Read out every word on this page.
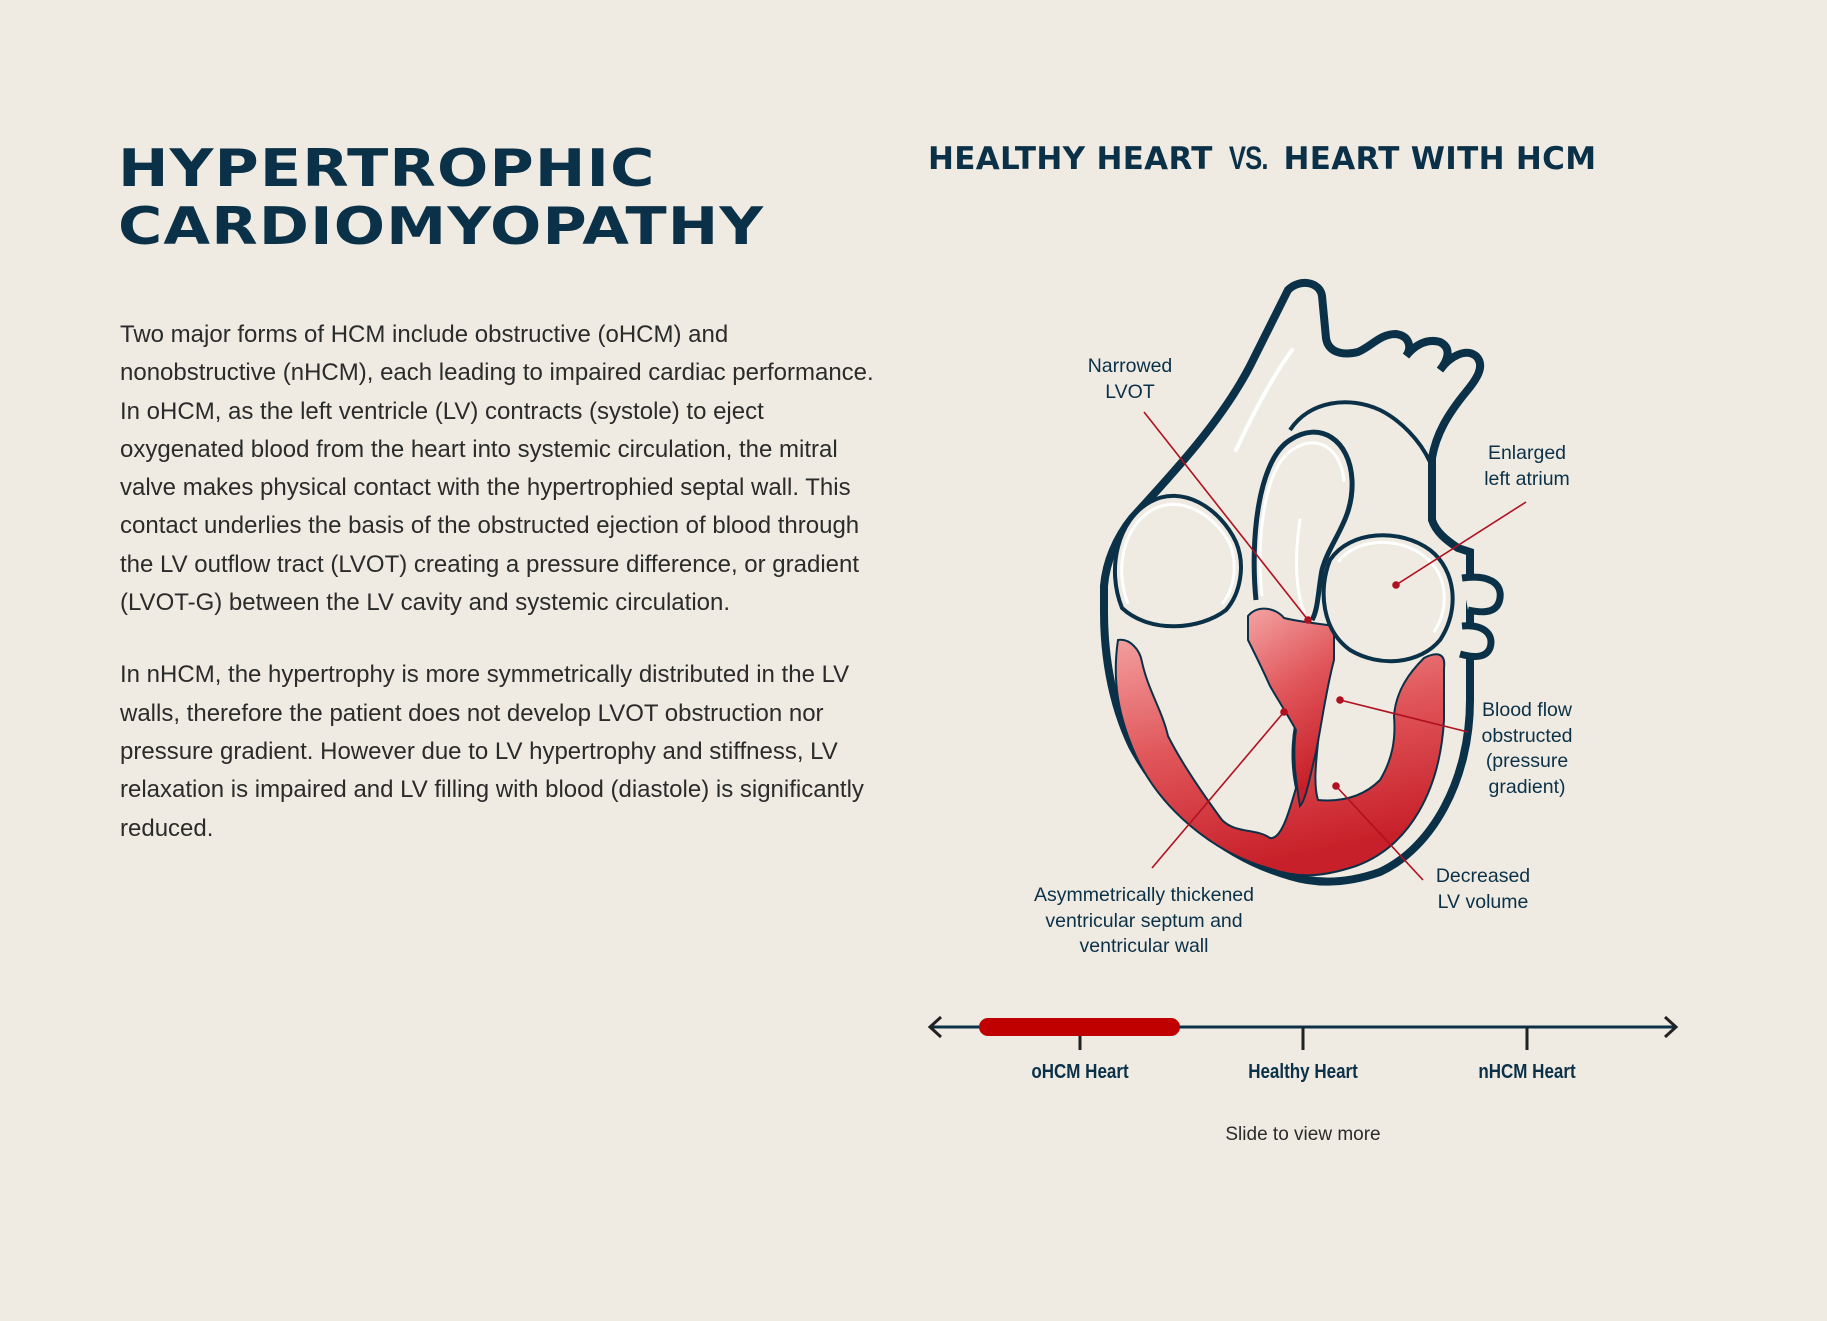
HYPERTROPHIC
CARDIOMYOPATHY

Two major forms of HCM include obstructive (oHCM) and nonobstructive (nHCM), each leading to impaired cardiac performance. In oHCM, as the left ventricle (LV) contracts (systole) to eject oxygenated blood from the heart into systemic circulation, the mitral valve makes physical contact with the hypertrophied septal wall. This contact underlies the basis of the obstructed ejection of blood through the LV outflow tract (LVOT) creating a pressure difference, or gradient (LVOT-G) between the LV cavity and systemic circulation.

In nHCM, the hypertrophy is more symmetrically distributed in the LV walls, therefore the patient does not develop LVOT obstruction nor pressure gradient. However due to LV hypertrophy and stiffness, LV relaxation is impaired and LV filling with blood (diastole) is significantly reduced.

HEALTHY HEART VS. HEART WITH HCM
Narrowed
LVOT
Enlarged
left atrium
Blood flow
obstructed
(pressure
gradient)
Decreased
LV volume
Asymmetrically thickened
ventricular septum and
ventricular wall
oHCM Heart	Healthy Heart	nHCM Heart
Slide to view more
